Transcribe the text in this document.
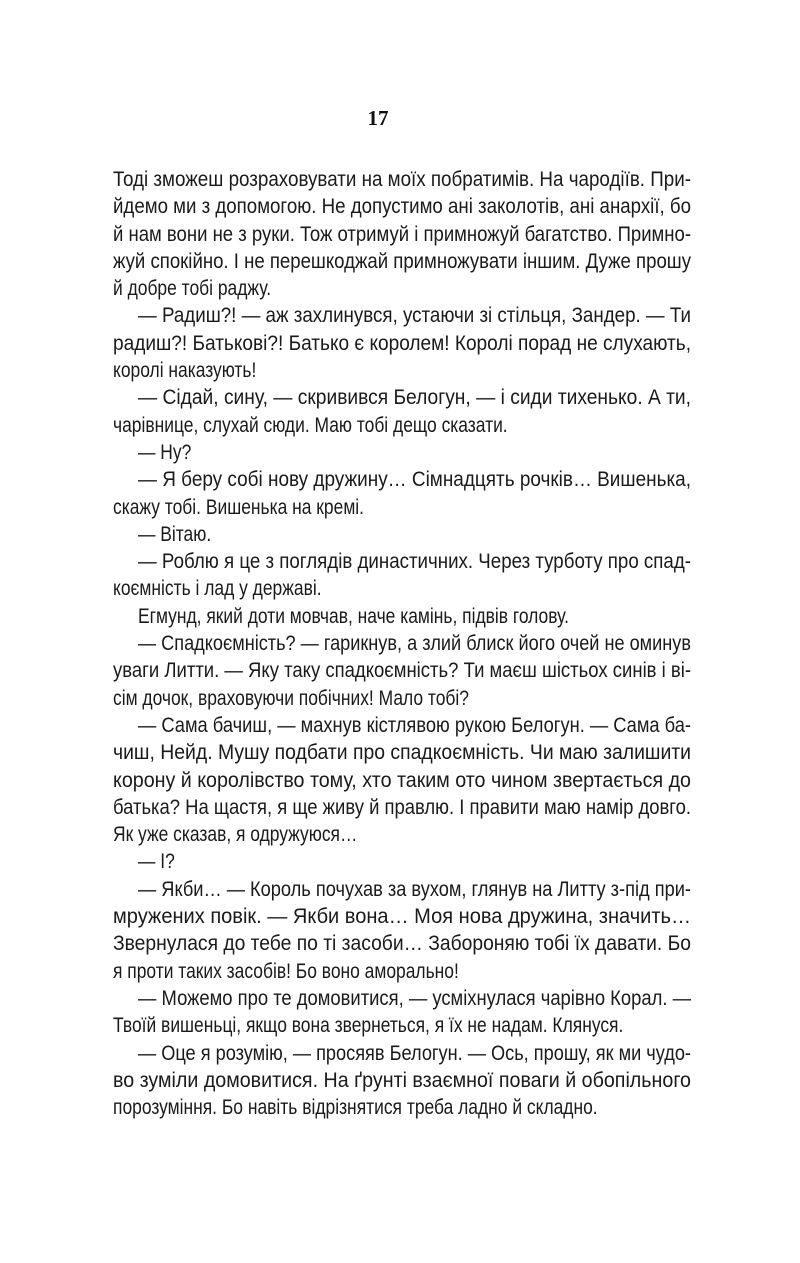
17
Тоді зможеш розраховувати на моїх побратимів. На чародіїв. При-
йдемо ми з допомогою. Не допустимо ані заколотів, ані анархії, бо
й нам вони не з руки. Тож отримуй і примножуй багатство. Примно-
жуй спокійно. І не перешкоджай примножувати іншим. Дуже прошу
й добре тобі раджу.
— Радиш?! — аж захлинувся, устаючи зі стільця, Зандер. — Ти
радиш?! Батькові?! Батько є королем! Королі порад не слухають,
королі наказують!
— Сідай, сину, — скривився Белогун, — і сиди тихенько. А ти,
чарівнице, слухай сюди. Маю тобі дещо сказати.
— Ну?
— Я беру собі нову дружину… Сімнадцять рочків… Вишенька,
скажу тобі. Вишенька на кремі.
— Вітаю.
— Роблю я це з поглядів династичних. Через турботу про спад-
коємність і лад у державі.
Егмунд, який доти мовчав, наче камінь, підвів голову.
— Спадкоємність? — гарикнув, а злий блиск його очей не оминув
уваги Литти. — Яку таку спадкоємність? Ти маєш шістьох синів і ві-
сім дочок, враховуючи побічних! Мало тобі?
— Сама бачиш, — махнув кістлявою рукою Белогун. — Сама ба-
чиш, Нейд. Мушу подбати про спадкоємність. Чи маю залишити
корону й королівство тому, хто таким ото чином звертається до
батька? На щастя, я ще живу й правлю. І правити маю намір довго.
Як уже сказав, я одружуюся…
— І?
— Якби… — Король почухав за вухом, глянув на Литту з-під при-
мружених повік. — Якби вона… Моя нова дружина, значить…
Звернулася до тебе по ті засоби… Забороняю тобі їх давати. Бо
я проти таких засобів! Бо воно аморально!
— Можемо про те домовитися, — усміхнулася чарівно Корал. —
Твоїй вишеньці, якщо вона звернеться, я їх не надам. Клянуся.
— Оце я розумію, — просяяв Белогун. — Ось, прошу, як ми чудо-
во зуміли домовитися. На ґрунті взаємної поваги й обопільного
порозуміння. Бо навіть відрізнятися треба ладно й складно.
